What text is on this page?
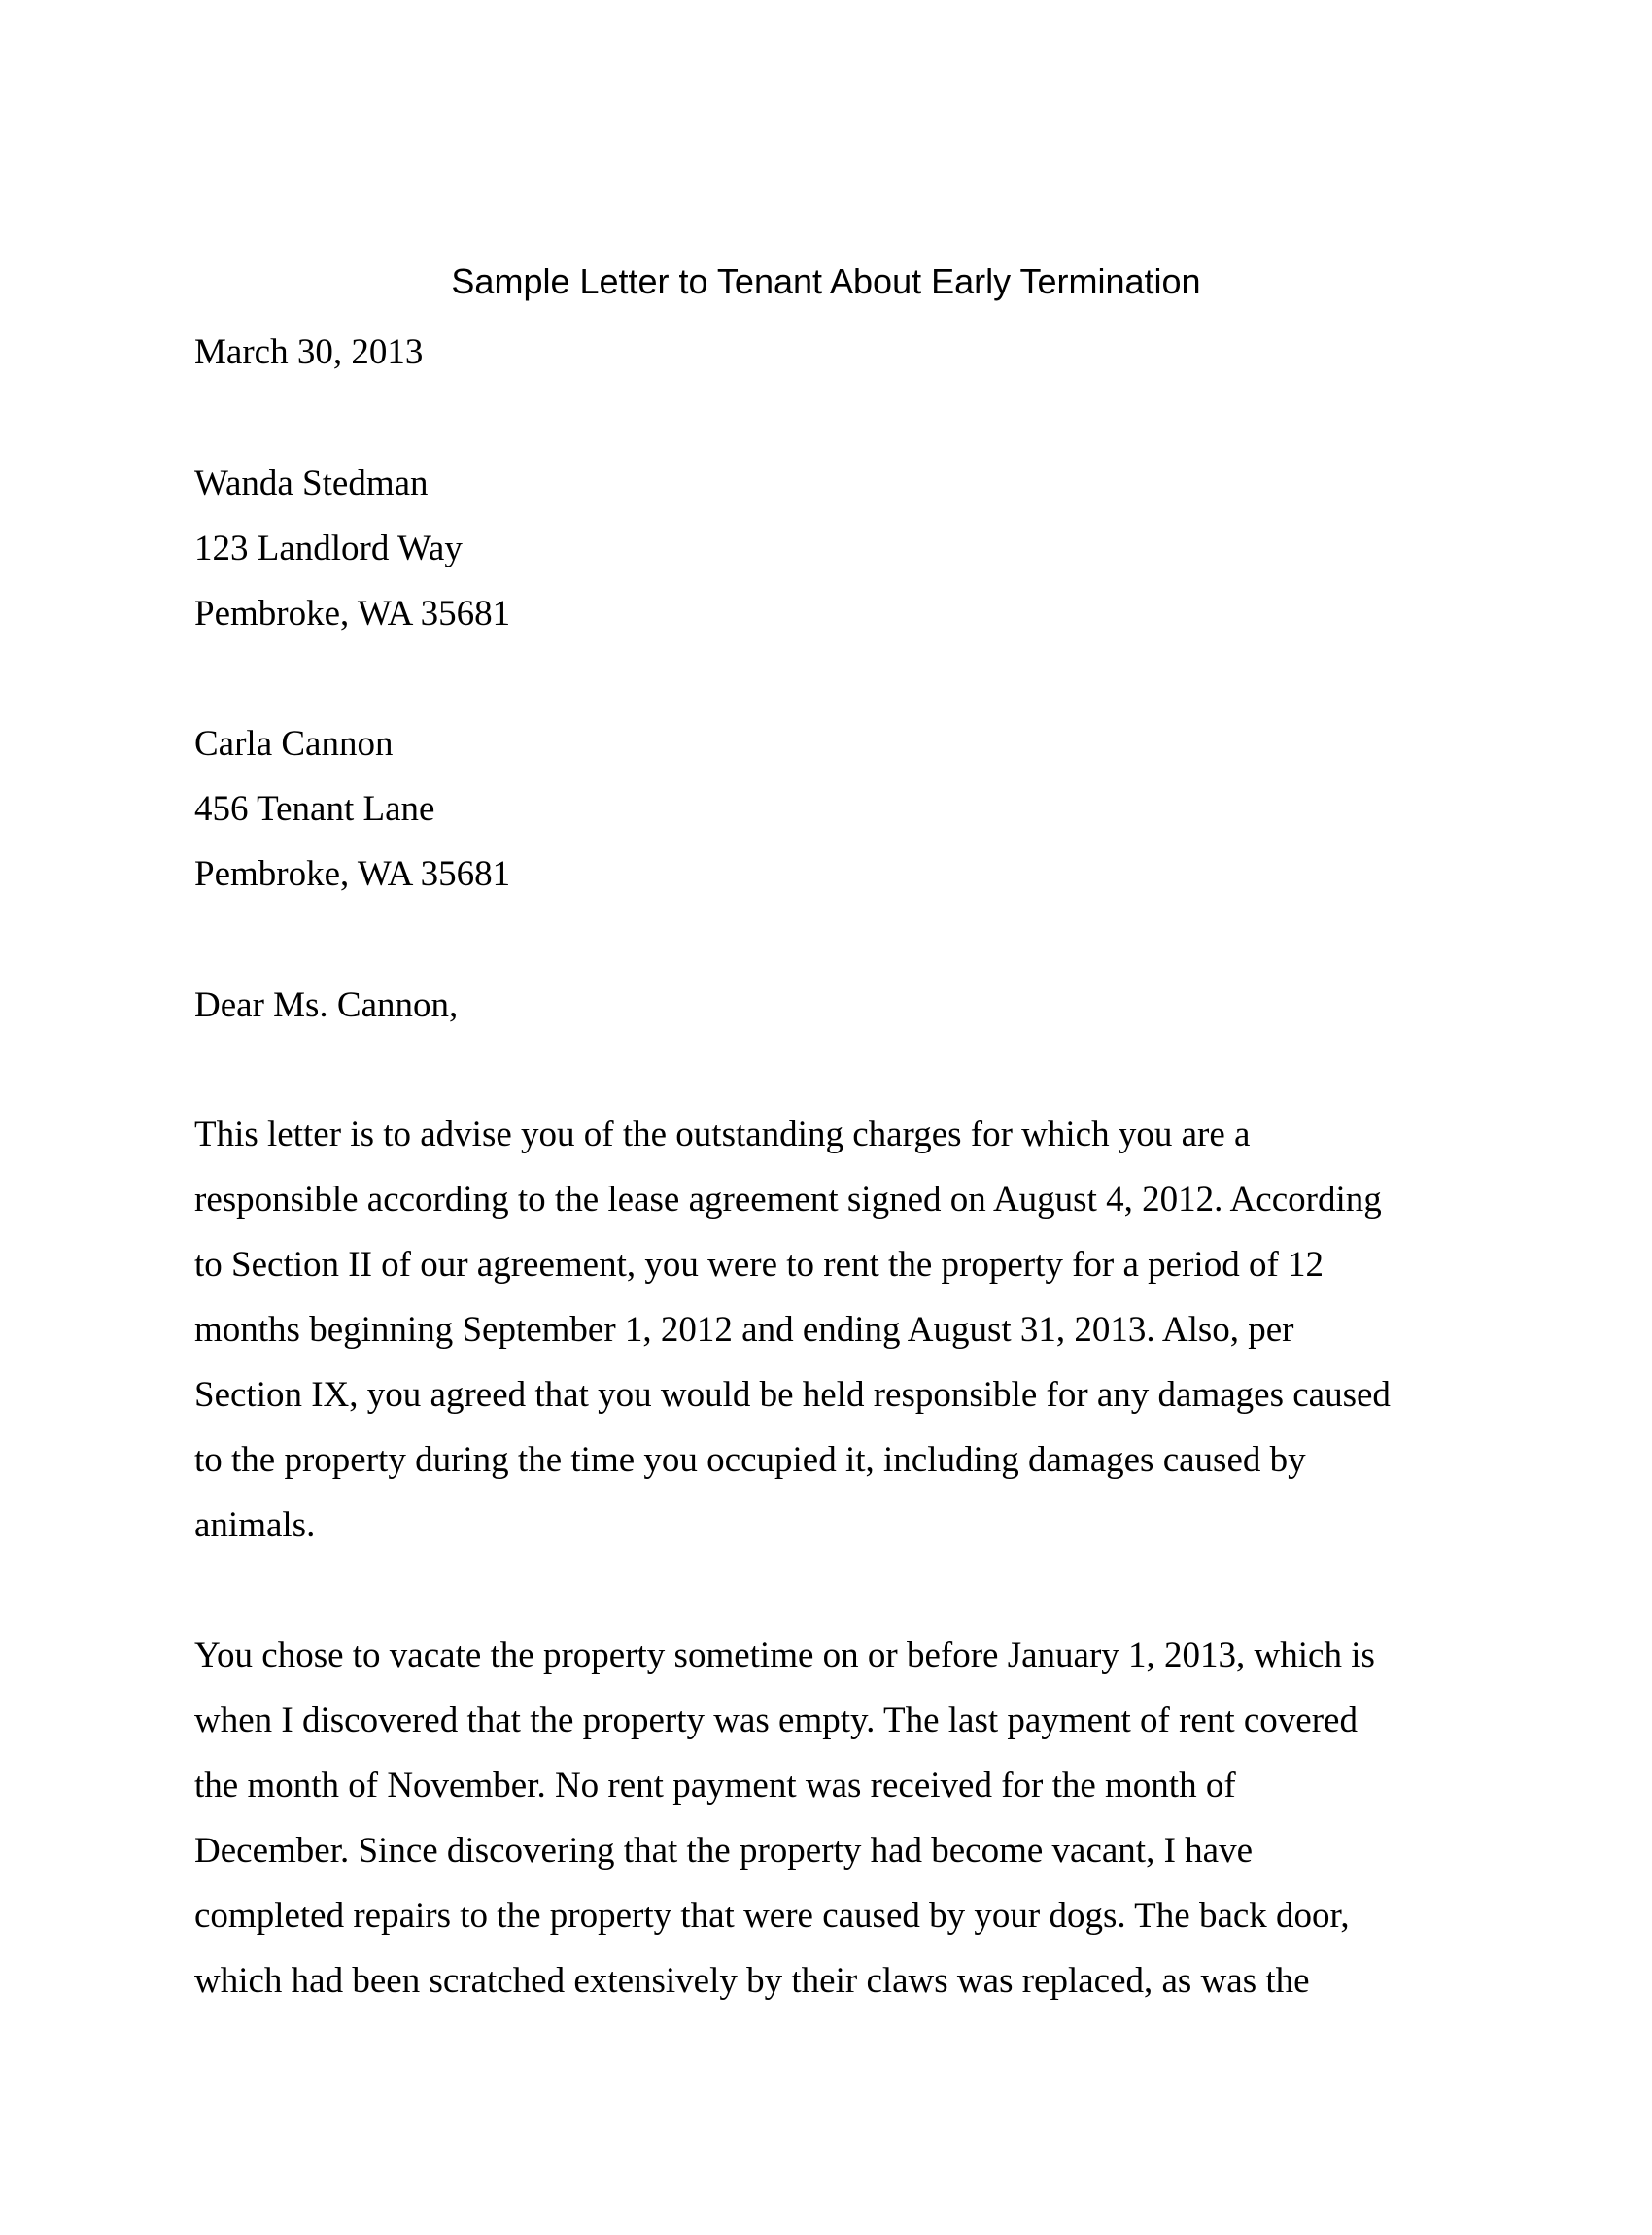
Sample Letter to Tenant About Early Termination
March 30, 2013
Wanda Stedman
123 Landlord Way
Pembroke, WA 35681
Carla Cannon
456 Tenant Lane
Pembroke, WA 35681
Dear Ms. Cannon,
This letter is to advise you of the outstanding charges for which you are a
responsible according to the lease agreement signed on August 4, 2012. According
to Section II of our agreement, you were to rent the property for a period of 12
months beginning September 1, 2012 and ending August 31, 2013. Also, per
Section IX, you agreed that you would be held responsible for any damages caused
to the property during the time you occupied it, including damages caused by
animals.
You chose to vacate the property sometime on or before January 1, 2013, which is
when I discovered that the property was empty. The last payment of rent covered
the month of November. No rent payment was received for the month of
December. Since discovering that the property had become vacant, I have
completed repairs to the property that were caused by your dogs. The back door,
which had been scratched extensively by their claws was replaced, as was the
